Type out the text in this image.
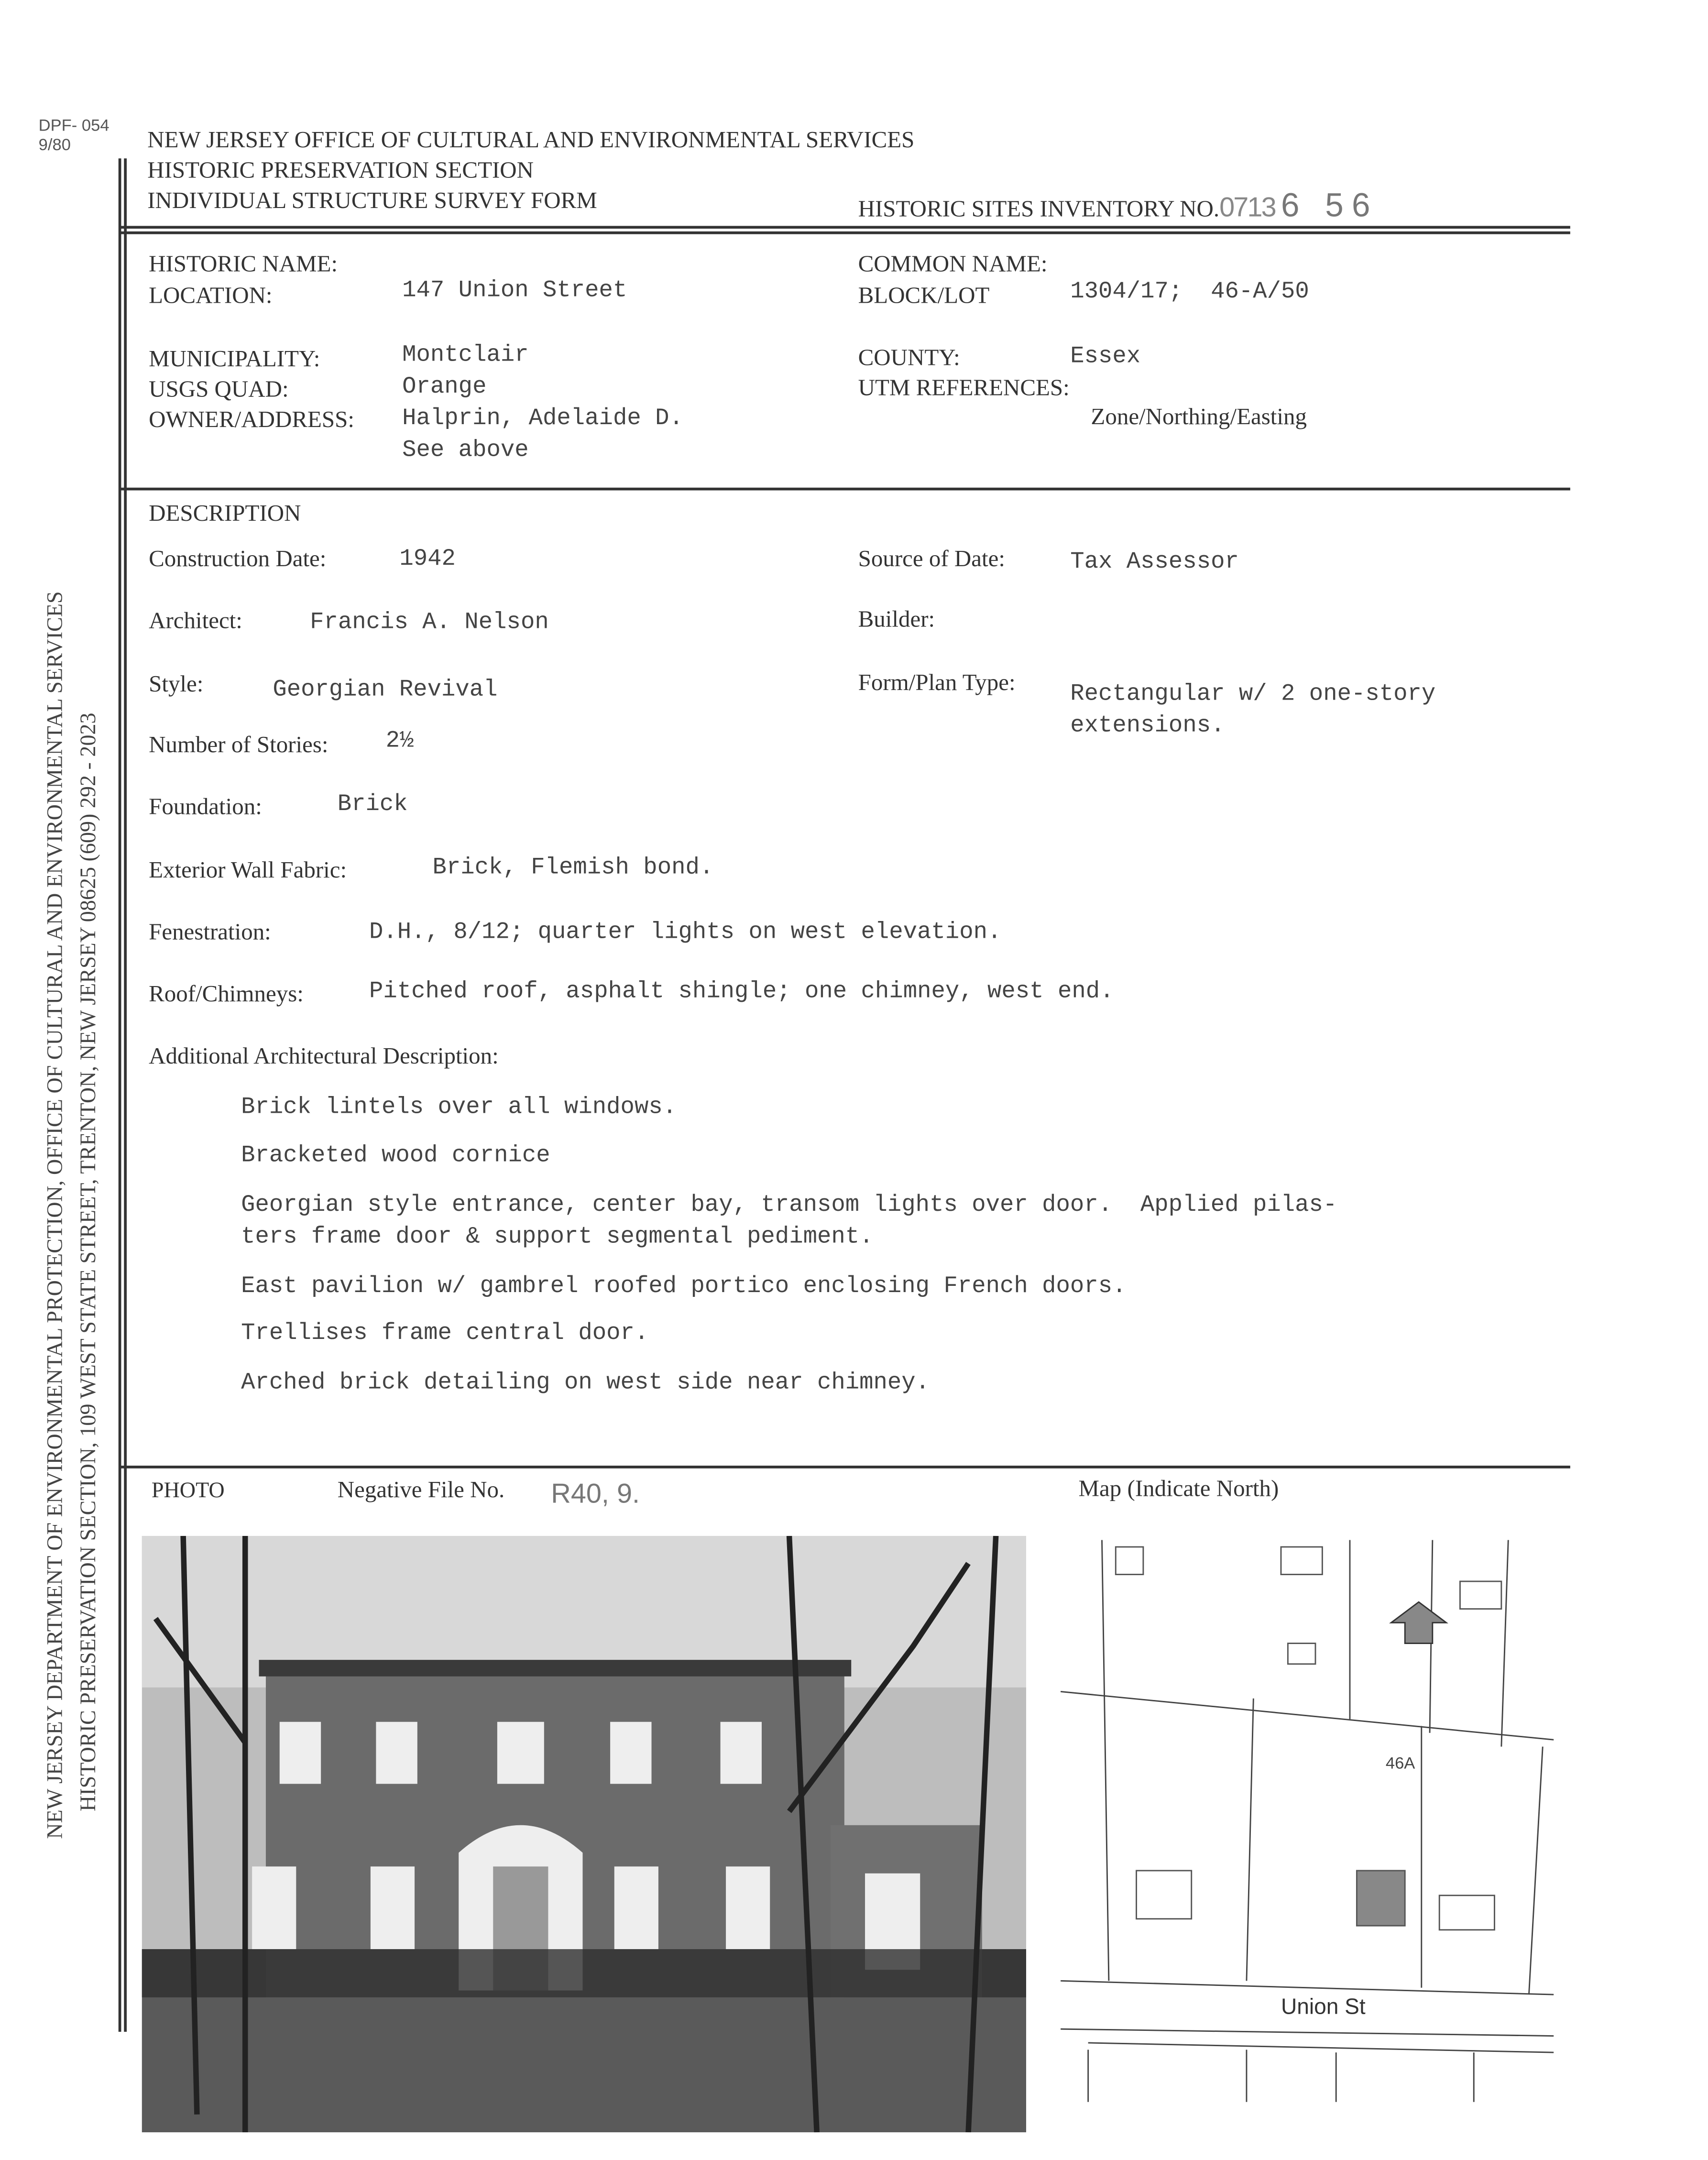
DPF- 054
9/80	NEW JERSEY OFFICE OF CULTURAL AND ENVIRONMENTAL SERVICES
HISTORIC PRESERVATION SECTION
INDIVIDUAL STRUCTURE SURVEY FORM	HISTORIC SITES INVENTORY NO.0713 6 56
HISTORIC NAME:
LOCATION:	147 Union Street
COMMON NAME:
BLOCK/LOT	1304/17;  46-A/50
MUNICIPALITY:	Montclair
USGS QUAD:	Orange
OWNER/ADDRESS:	Halprin, Adelaide D.
See above
COUNTY:	Essex
UTM REFERENCES:
Zone/Northing/Easting
DESCRIPTION
Construction Date:	1942	Source of Date:	Tax Assessor
Architect:	Francis A. Nelson	Builder:
Style:	Georgian Revival	Form/Plan Type:	Rectangular w/ 2 one-story
extensions.
Number of Stories:	2½
Foundation:	Brick
Exterior Wall Fabric:	Brick, Flemish bond.
Fenestration:	D.H., 8/12; quarter lights on west elevation.
Roof/Chimneys:	Pitched roof, asphalt shingle; one chimney, west end.
Additional Architectural Description:
Brick lintels over all windows.
Bracketed wood cornice
Georgian style entrance, center bay, transom lights over door.  Applied pilas-
ters frame door & support segmental pediment.
East pavilion w/ gambrel roofed portico enclosing French doors.
Trellises frame central door.
Arched brick detailing on west side near chimney.
PHOTO	Negative File No.	R40, 9.	Map (Indicate North)
Union St
46A
NEW JERSEY DEPARTMENT OF ENVIRONMENTAL PROTECTION, OFFICE OF CULTURAL AND ENVIRONMENTAL SERVICES HISTORIC PRESERVATION SECTION, 109 WEST STATE STREET, TRENTON, NEW JERSEY 08625 (609) 292 - 2023
